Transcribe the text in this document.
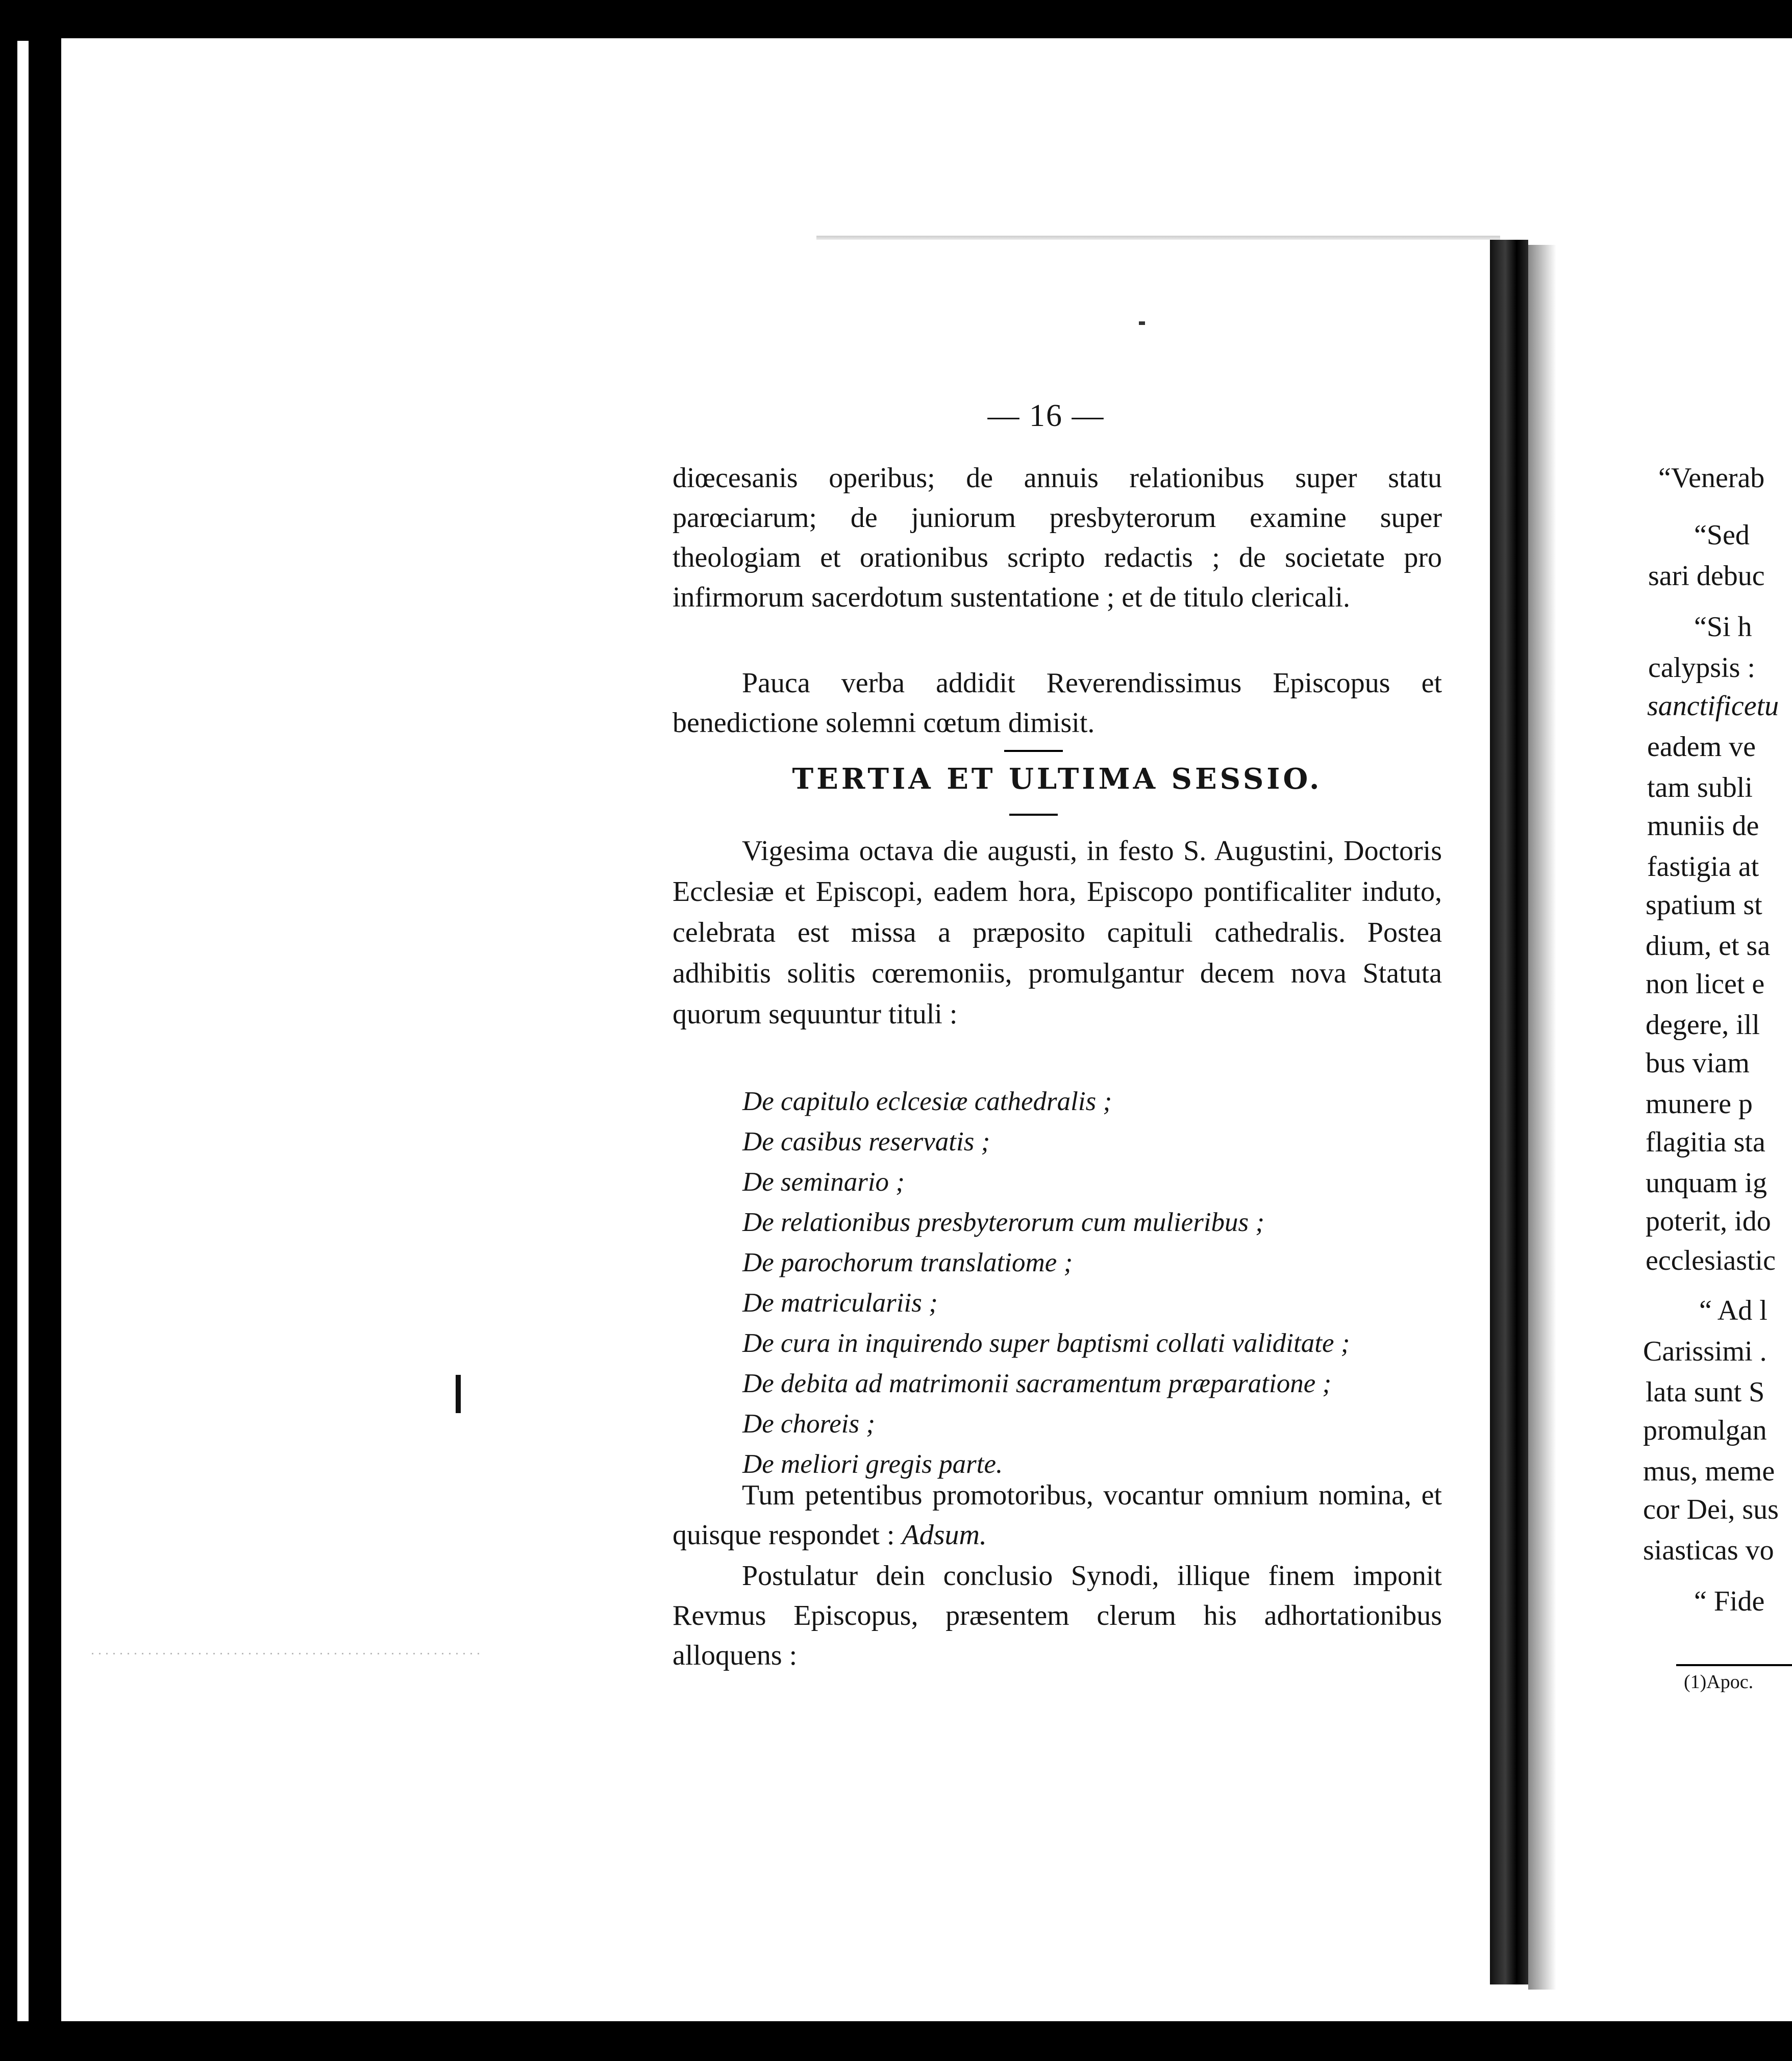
— 16 —
diœcesanis operibus; de annuis relationibus super statu parœciarum; de juniorum presbyterorum examine super theologiam et orationibus scripto redactis ; de societate pro infirmorum sacerdotum sustentatione ; et de titulo clericali.
Pauca verba addidit Reverendissimus Episcopus et benedictione solemni cœtum dimisit.
TERTIA ET ULTIMA SESSIO.
Vigesima octava die augusti, in festo S. Augustini, Doctoris Ecclesiæ et Episcopi, eadem hora, Episcopo pontificaliter induto, celebrata est missa a præposito capituli cathedralis. Postea adhibitis solitis cœremoniis, promulgantur decem nova Statuta quorum sequuntur tituli :
De capitulo eclcesiæ cathedralis ;
De casibus reservatis ;
De seminario ;
De relationibus presbyterorum cum mulieribus ;
De parochorum translatiome ;
De matriculariis ;
De cura in inquirendo super baptismi collati validitate ;
De debita ad matrimonii sacramentum præparatione ;
De choreis ;
De meliori gregis parte.
Tum petentibus promotoribus, vocantur omnium nomina, et quisque respondet : Adsum.
Postulatur dein conclusio Synodi, illique finem imponit Revmus Episcopus, præsentem clerum his adhortationibus alloquens :
“Venerab
“Sed
sari debuc
“Si h
calypsis :
sanctificetu
eadem ve
tam subli
muniis de
fastigia at
spatium st
dium, et sa
non licet e
degere, ill
bus viam
munere p
flagitia sta
unquam ig
poterit, ido
ecclesiastic
“ Ad l
Carissimi .
lata sunt S
promulgan
mus, meme
cor Dei, sus
siasticas vo
“ Fide
(1)Apoc.
